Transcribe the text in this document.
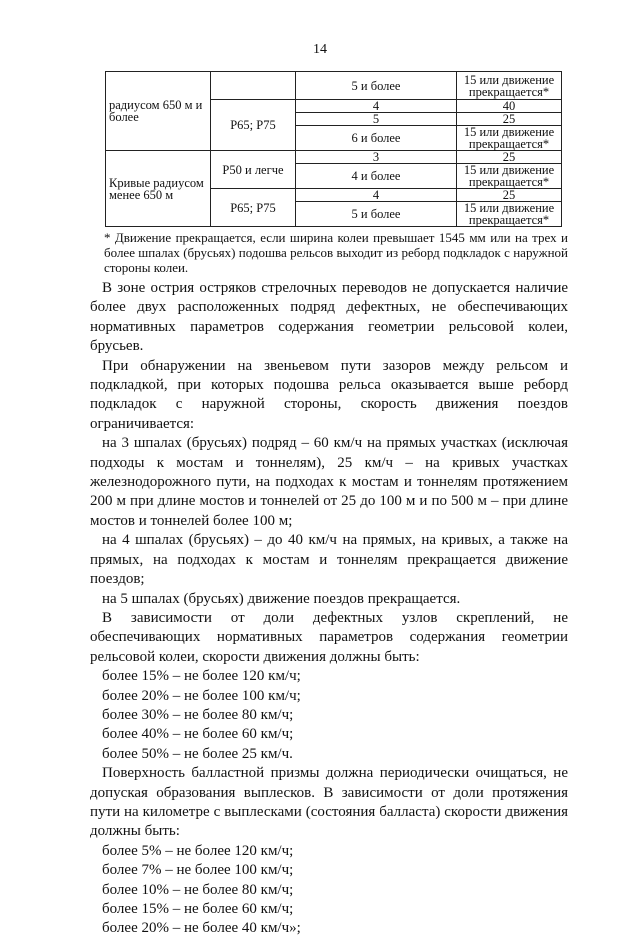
14
радиусом 650 м и более		5 и более	15 или движение прекращается*
	Р65; Р75	4	40
		5	25
		6 и более	15 или движение прекращается*
Кривые радиусом менее 650 м	Р50 и легче	3	25
		4 и более	15 или движение прекращается*
	Р65; Р75	4	25
		5 и более	15 или движение прекращается*
* Движение прекращается, если ширина колеи превышает 1545 мм или на трех и более шпалах (брусьях) подошва рельсов выходит из реборд подкладок с наружной стороны колеи.

В зоне острия остряков стрелочных переводов не допускается наличие более двух расположенных подряд дефектных, не обеспечивающих нормативных параметров содержания геометрии рельсовой колеи, брусьев.

При обнаружении на звеньевом пути зазоров между рельсом и подкладкой, при которых подошва рельса оказывается выше реборд подкладок с наружной стороны, скорость движения поездов ограничивается:

на 3 шпалах (брусьях) подряд – 60 км/ч на прямых участках (исключая подходы к мостам и тоннелям), 25 км/ч – на кривых участках железнодорожного пути, на подходах к мостам и тоннелям протяжением 200 м при длине мостов и тоннелей от 25 до 100 м и по 500 м – при длине мостов и тоннелей более 100 м;

на 4 шпалах (брусьях) – до 40 км/ч на прямых, на кривых, а также на прямых, на подходах к мостам и тоннелям прекращается движение поездов;

на 5 шпалах (брусьях) движение поездов прекращается.

В зависимости от доли дефектных узлов скреплений, не обеспечивающих нормативных параметров содержания геометрии рельсовой колеи, скорости движения должны быть:

более 15% – не более 120 км/ч;

более 20% – не более 100 км/ч;

более 30% – не более 80 км/ч;

более 40% – не более 60 км/ч;

более 50% – не более 25 км/ч.

Поверхность балластной призмы должна периодически очищаться, не допуская образования выплесков. В зависимости от доли протяжения пути на километре с выплесками (состояния балласта) скорости движения должны быть:

более 5% – не более 120 км/ч;

более 7% – не более 100 км/ч;

более 10% – не более 80 км/ч;

более 15% – не более 60 км/ч;

более 20% – не более 40 км/ч»;
